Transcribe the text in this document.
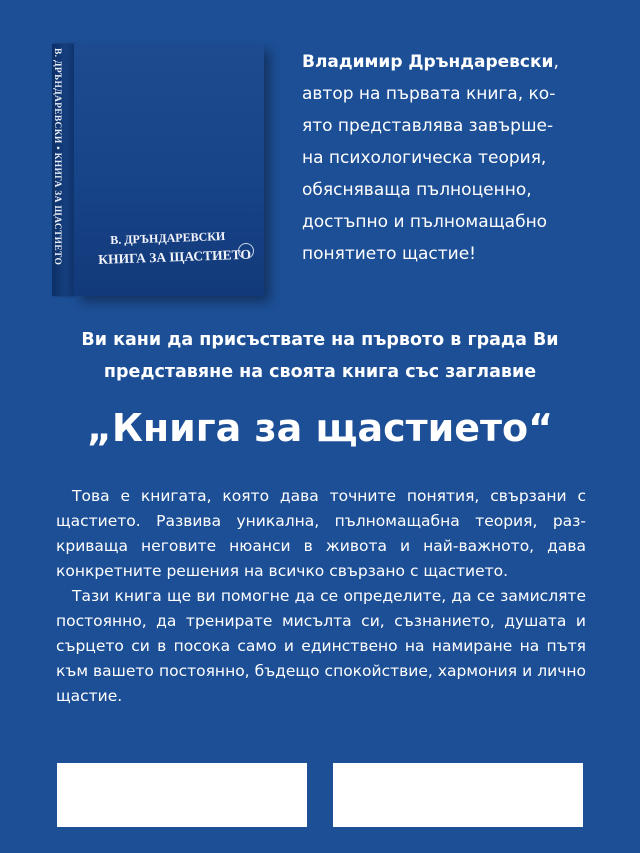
В. ДРЪНДАРЕВСКИ • КНИГА ЗА ЩАСТИЕТО	В. ДРЪНДАРЕВСКИ
КНИГА ЗА ЩАСТИЕТО
Владимир Дръндаревски,
автор на първата книга, ко-
ято представлява завърше-
на психологическа теория,
обясняваща пълноценно,
достъпно и пълномащабно
понятието щастие!
Ви кани да присъствате на първото в града Ви
представяне на своята книга със заглавие
„Книга за щастието“

Това е книгата, която дава точните понятия, свързани с щастието. Развива уникална, пълномащабна теория, разкриваща неговите нюанси в живота и най-важното, дава конкретните решения на всичко свързано с щастието.

Тази книга ще ви помогне да се определите, да се замисляте постоянно, да тренирате мисълта си, съзнанието, душата и сърцето си в посока само и единствено на намиране на пътя към вашето постоянно, бъдещо спокойствие, хармония и лично щастие.
